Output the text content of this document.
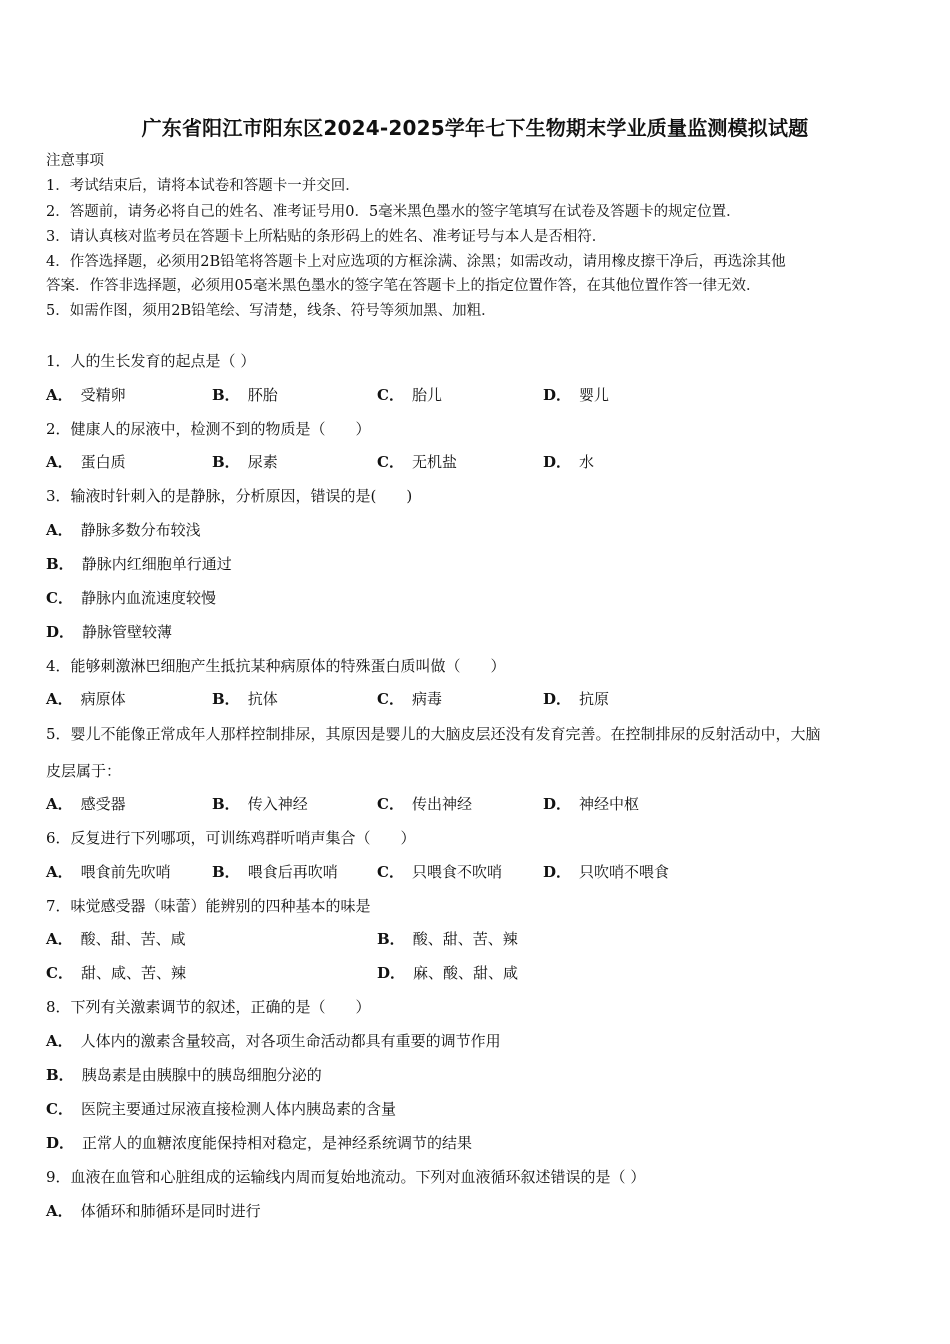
广东省阳江市阳东区2024-2025学年七下生物期末学业质量监测模拟试题
注意事项
1．考试结束后，请将本试卷和答题卡一并交回．
2．答题前，请务必将自己的姓名、准考证号用0．5毫米黑色墨水的签字笔填写在试卷及答题卡的规定位置．
3．请认真核对监考员在答题卡上所粘贴的条形码上的姓名、准考证号与本人是否相符．
4．作答选择题，必须用2B铅笔将答题卡上对应选项的方框涂满、涂黑；如需改动，请用橡皮擦干净后，再选涂其他
答案．作答非选择题，必须用05毫米黑色墨水的签字笔在答题卡上的指定位置作答，在其他位置作答一律无效．
5．如需作图，须用2B铅笔绘、写清楚，线条、符号等须加黑、加粗．
1．人的生长发育的起点是（ ）
A． 受精卵	B． 肧胎	C． 胎儿	D． 婴儿
2．健康人的尿液中，检测不到的物质是（　　）
A． 蛋白质	B． 尿素	C． 无机盐	D． 水
3．输液时针刺入的是静脉，分析原因，错误的是(　　)
A． 静脉多数分布较浅
B． 静脉内红细胞单行通过
C． 静脉内血流速度较慢
D． 静脉管壁较薄
4．能够刺激淋巴细胞产生抵抗某种病原体的特殊蛋白质叫做（　　）
A． 病原体	B． 抗体	C． 病毒	D． 抗原
5．婴儿不能像正常成年人那样控制排尿，其原因是婴儿的大脑皮层还没有发育完善。在控制排尿的反射活动中，大脑
皮层属于：
A． 感受器	B． 传入神经	C． 传出神经	D． 神经中枢
6．反复进行下列哪项，可训练鸡群听哨声集合（　　）
A． 喂食前先吹哨	B． 喂食后再吹哨	C． 只喂食不吹哨	D． 只吹哨不喂食
7．味觉感受器（味蕾）能辨别的四种基本的味是
A． 酸、甜、苦、咸	B． 酸、甜、苦、辣
C． 甜、咸、苦、辣	D． 麻、酸、甜、咸
8．下列有关激素调节的叙述，正确的是（　　）
A． 人体内的激素含量较高，对各项生命活动都具有重要的调节作用
B． 胰岛素是由胰腺中的胰岛细胞分泌的
C． 医院主要通过尿液直接检测人体内胰岛素的含量
D． 正常人的血糖浓度能保持相对稳定，是神经系统调节的结果
9．血液在血管和心脏组成的运输线内周而复始地流动。下列对血液循环叙述错误的是（ ）
A． 体循环和肺循环是同时进行
